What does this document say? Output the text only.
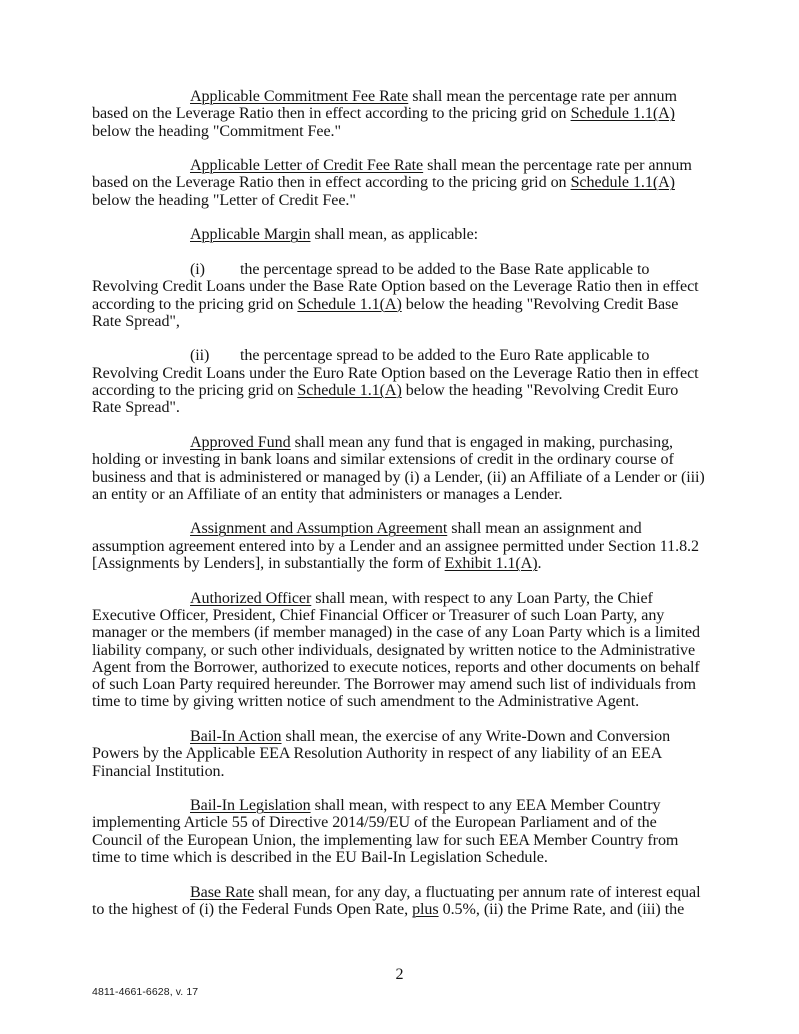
Applicable Commitment Fee Rate shall mean the percentage rate per annum based on the Leverage Ratio then in effect according to the pricing grid on Schedule 1.1(A) below the heading "Commitment Fee."

Applicable Letter of Credit Fee Rate shall mean the percentage rate per annum based on the Leverage Ratio then in effect according to the pricing grid on Schedule 1.1(A) below the heading "Letter of Credit Fee."

Applicable Margin shall mean, as applicable:

(i) the percentage spread to be added to the Base Rate applicable to Revolving Credit Loans under the Base Rate Option based on the Leverage Ratio then in effect according to the pricing grid on Schedule 1.1(A) below the heading "Revolving Credit Base Rate Spread",

(ii) the percentage spread to be added to the Euro Rate applicable to Revolving Credit Loans under the Euro Rate Option based on the Leverage Ratio then in effect according to the pricing grid on Schedule 1.1(A) below the heading "Revolving Credit Euro Rate Spread".

Approved Fund shall mean any fund that is engaged in making, purchasing, holding or investing in bank loans and similar extensions of credit in the ordinary course of business and that is administered or managed by (i) a Lender, (ii) an Affiliate of a Lender or (iii) an entity or an Affiliate of an entity that administers or manages a Lender.

Assignment and Assumption Agreement shall mean an assignment and assumption agreement entered into by a Lender and an assignee permitted under Section 11.8.2 [Assignments by Lenders], in substantially the form of Exhibit 1.1(A).

Authorized Officer shall mean, with respect to any Loan Party, the Chief Executive Officer, President, Chief Financial Officer or Treasurer of such Loan Party, any manager or the members (if member managed) in the case of any Loan Party which is a limited liability company, or such other individuals, designated by written notice to the Administrative Agent from the Borrower, authorized to execute notices, reports and other documents on behalf of such Loan Party required hereunder. The Borrower may amend such list of individuals from time to time by giving written notice of such amendment to the Administrative Agent.

Bail-In Action shall mean, the exercise of any Write-Down and Conversion Powers by the Applicable EEA Resolution Authority in respect of any liability of an EEA Financial Institution.

Bail-In Legislation shall mean, with respect to any EEA Member Country implementing Article 55 of Directive 2014/59/EU of the European Parliament and of the Council of the European Union, the implementing law for such EEA Member Country from time to time which is described in the EU Bail-In Legislation Schedule.

Base Rate shall mean, for any day, a fluctuating per annum rate of interest equal to the highest of (i) the Federal Funds Open Rate, plus 0.5%, (ii) the Prime Rate, and (iii) the

2
4811-4661-6628, v. 17
